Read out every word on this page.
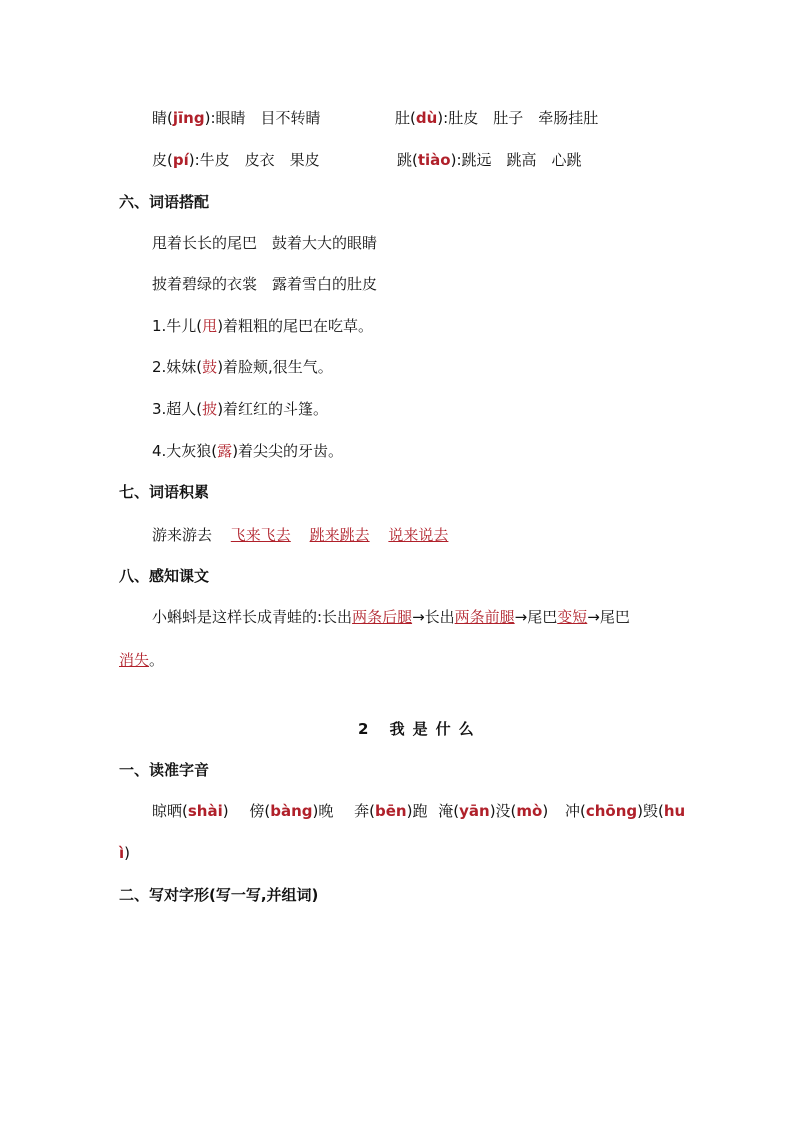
睛(jīng):眼睛　目不转睛	肚(dù):肚皮　肚子　牵肠挂肚
皮(pí):牛皮　皮衣　果皮	跳(tiào):跳远　跳高　心跳
六、词语搭配
甩着长长的尾巴　鼓着大大的眼睛
披着碧绿的衣裳　露着雪白的肚皮
1.牛儿(甩)着粗粗的尾巴在吃草。
2.妹妹(鼓)着脸颊,很生气。
3.超人(披)着红红的斗篷。
4.大灰狼(露)着尖尖的牙齿。
七、词语积累
游来游去 飞来飞去 跳来跳去 说来说去
八、感知课文
小蝌蚪是这样长成青蛙的:长出两条后腿→长出两条前腿→尾巴变短→尾巴
消失。
2 我是什么
一、读准字音
晾晒(shài) 傍(bàng)晚 奔(bēn)跑 淹(yān)没(mò) 冲(chōng)毁(hu
ì)
二、写对字形(写一写,并组词)
